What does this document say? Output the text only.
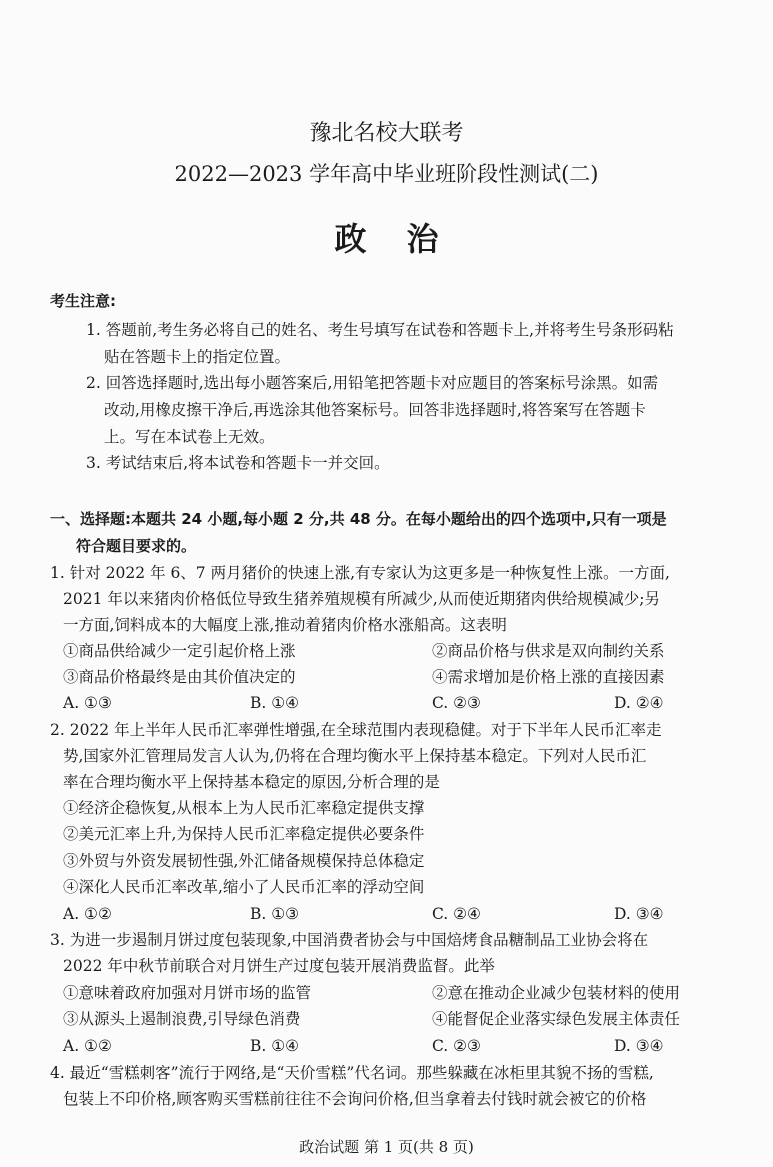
豫北名校大联考
2022—2023 学年高中毕业班阶段性测试(二)
政治
考生注意:
1. 答题前,考生务必将自己的姓名、考生号填写在试卷和答题卡上,并将考生号条形码粘
贴在答题卡上的指定位置。
2. 回答选择题时,选出每小题答案后,用铅笔把答题卡对应题目的答案标号涂黑。如需
改动,用橡皮擦干净后,再选涂其他答案标号。回答非选择题时,将答案写在答题卡
上。写在本试卷上无效。
3. 考试结束后,将本试卷和答题卡一并交回。
一、选择题:本题共 24 小题,每小题 2 分,共 48 分。在每小题给出的四个选项中,只有一项是
符合题目要求的。
1. 针对 2022 年 6、7 两月猪价的快速上涨,有专家认为这更多是一种恢复性上涨。一方面,
2021 年以来猪肉价格低位导致生猪养殖规模有所减少,从而使近期猪肉供给规模减少;另
一方面,饲料成本的大幅度上涨,推动着猪肉价格水涨船高。这表明
①商品供给减少一定引起价格上涨	②商品价格与供求是双向制约关系
③商品价格最终是由其价值决定的	④需求增加是价格上涨的直接因素
A. ①③	B. ①④	C. ②③	D. ②④
2. 2022 年上半年人民币汇率弹性增强,在全球范围内表现稳健。对于下半年人民币汇率走
势,国家外汇管理局发言人认为,仍将在合理均衡水平上保持基本稳定。下列对人民币汇
率在合理均衡水平上保持基本稳定的原因,分析合理的是
①经济企稳恢复,从根本上为人民币汇率稳定提供支撑
②美元汇率上升,为保持人民币汇率稳定提供必要条件
③外贸与外资发展韧性强,外汇储备规模保持总体稳定
④深化人民币汇率改革,缩小了人民币汇率的浮动空间
A. ①②	B. ①③	C. ②④	D. ③④
3. 为进一步遏制月饼过度包装现象,中国消费者协会与中国焙烤食品糖制品工业协会将在
2022 年中秋节前联合对月饼生产过度包装开展消费监督。此举
①意味着政府加强对月饼市场的监管	②意在推动企业减少包装材料的使用
③从源头上遏制浪费,引导绿色消费	④能督促企业落实绿色发展主体责任
A. ①②	B. ①④	C. ②③	D. ③④
4. 最近“雪糕刺客”流行于网络,是“天价雪糕”代名词。那些躲藏在冰柜里其貌不扬的雪糕,
包装上不印价格,顾客购买雪糕前往往不会询问价格,但当拿着去付钱时就会被它的价格
政治试题 第 1 页(共 8 页)
